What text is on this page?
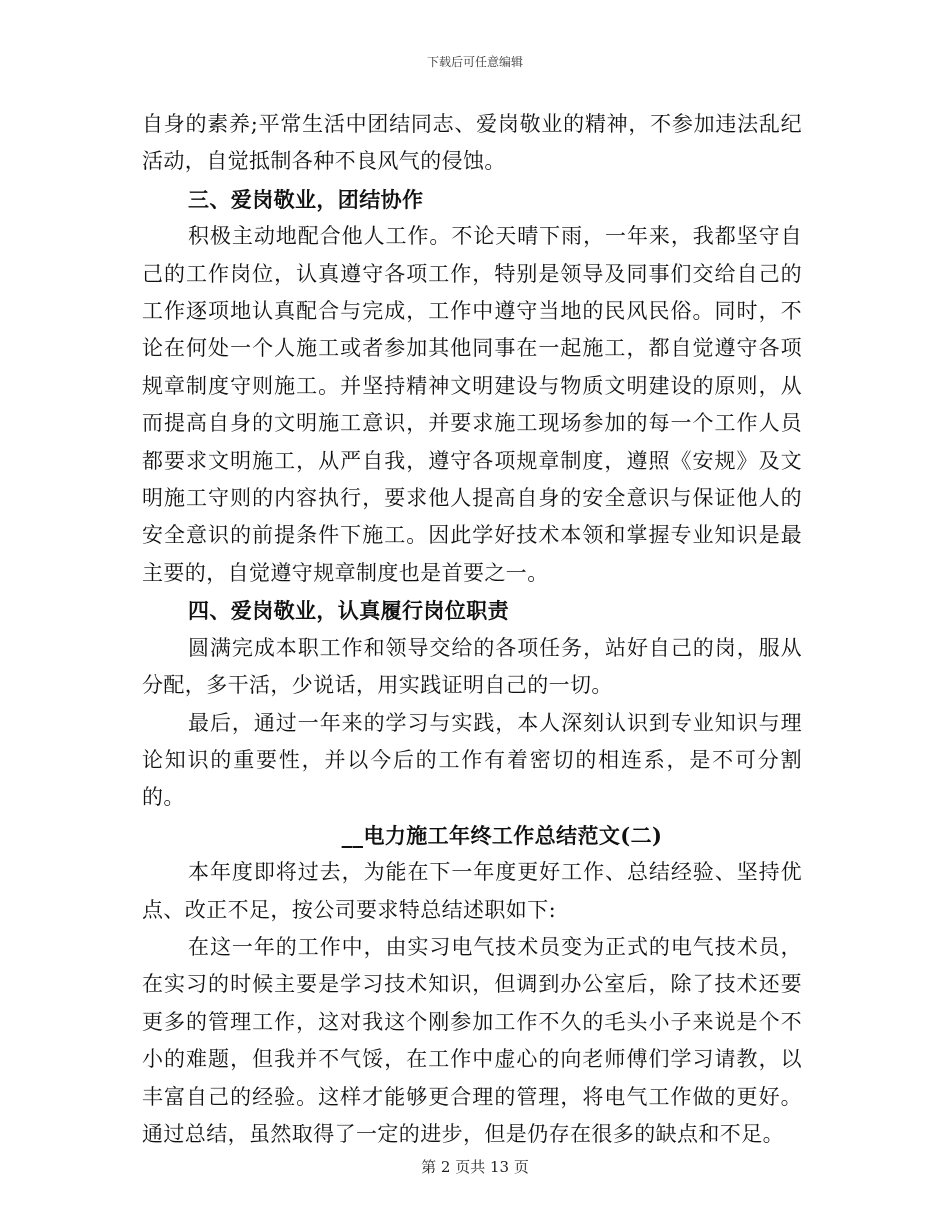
下载后可任意编辑

自身的素养;平常生活中团结同志、爱岗敬业的精神，不参加违法乱纪活动，自觉抵制各种不良风气的侵蚀。

三、爱岗敬业，团结协作

积极主动地配合他人工作。不论天晴下雨，一年来，我都坚守自己的工作岗位，认真遵守各项工作，特别是领导及同事们交给自己的工作逐项地认真配合与完成，工作中遵守当地的民风民俗。同时，不论在何处一个人施工或者参加其他同事在一起施工，都自觉遵守各项规章制度守则施工。并坚持精神文明建设与物质文明建设的原则，从而提高自身的文明施工意识，并要求施工现场参加的每一个工作人员都要求文明施工，从严自我，遵守各项规章制度，遵照《安规》及文明施工守则的内容执行，要求他人提高自身的安全意识与保证他人的安全意识的前提条件下施工。因此学好技术本领和掌握专业知识是最主要的，自觉遵守规章制度也是首要之一。

四、爱岗敬业，认真履行岗位职责

圆满完成本职工作和领导交给的各项任务，站好自己的岗，服从分配，多干活，少说话，用实践证明自己的一切。

最后，通过一年来的学习与实践，本人深刻认识到专业知识与理论知识的重要性，并以今后的工作有着密切的相连系，是不可分割的。

__电力施工年终工作总结范文(二)

本年度即将过去，为能在下一年度更好工作、总结经验、坚持优点、改正不足，按公司要求特总结述职如下:

在这一年的工作中，由实习电气技术员变为正式的电气技术员，在实习的时候主要是学习技术知识，但调到办公室后，除了技术还要更多的管理工作，这对我这个刚参加工作不久的毛头小子来说是个不小的难题，但我并不气馁，在工作中虚心的向老师傅们学习请教，以丰富自己的经验。这样才能够更合理的管理，将电气工作做的更好。通过总结，虽然取得了一定的进步，但是仍存在很多的缺点和不足。

第 2 页共 13 页
